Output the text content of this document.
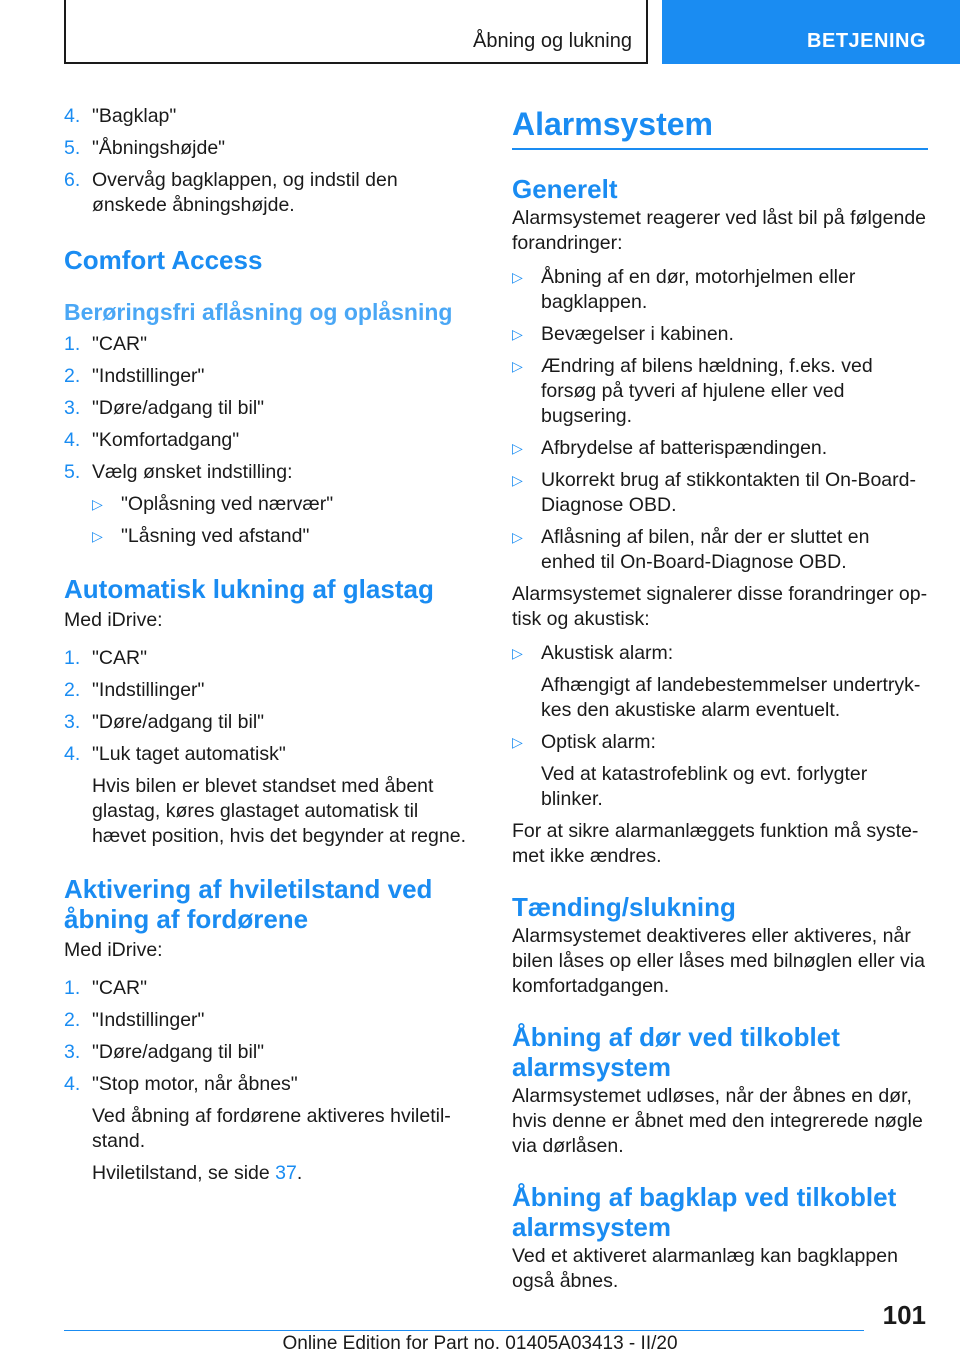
Åbning og lukning	BETJENING
4. "Bagklap"
5. "Åbningshøjde"
6. Overvåg bagklappen, og indstil den ønskede åbningshøjde.
Comfort Access
Berøringsfri aflåsning og oplåsning
1. "CAR"
2. "Indstillinger"
3. "Døre/adgang til bil"
4. "Komfortadgang"
5. Vælg ønsket indstilling:
▷ "Oplåsning ved nærvær"
▷ "Låsning ved afstand"
Automatisk lukning af glastag

Med iDrive:

1. "CAR"
2. "Indstillinger"
3. "Døre/adgang til bil"
4. "Luk taget automatisk"
Hvis bilen er blevet standset med åbent glastag, køres glastaget automatisk til hævet position, hvis det begynder at regne.
Aktivering af hviletilstand ved åbning af fordørene

Med iDrive:

1. "CAR"
2. "Indstillinger"
3. "Døre/adgang til bil"
4. "Stop motor, når åbnes"
Ved åbning af fordørene aktiveres hviletilstand.
Hviletilstand, se side 37.
Alarmsystem
Generelt

Alarmsystemet reagerer ved låst bil på følgende forandringer:

▷ Åbning af en dør, motorhjelmen eller bagklappen.
▷ Bevægelser i kabinen.
▷ Ændring af bilens hældning, f.eks. ved forsøg på tyveri af hjulene eller ved bugsering.
▷ Afbrydelse af batterispændingen.
▷ Ukorrekt brug af stikkontakten til On-Board-Diagnose OBD.
▷ Aflåsning af bilen, når der er sluttet en enhed til On-Board-Diagnose OBD.

Alarmsystemet signalerer disse forandringer optisk og akustisk:

▷ Akustisk alarm:
Afhængigt af landebestemmelser undertrykkes den akustiske alarm eventuelt.
▷ Optisk alarm:
Ved at katastrofeblink og evt. forlygter blinker.

For at sikre alarmanlæggets funktion må systemet ikke ændres.

Tænding/slukning

Alarmsystemet deaktiveres eller aktiveres, når bilen låses op eller låses med bilnøglen eller via komfortadgangen.

Åbning af dør ved tilkoblet alarmsystem

Alarmsystemet udløses, når der åbnes en dør, hvis denne er åbnet med den integrerede nøgle via dørlåsen.

Åbning af bagklap ved tilkoblet alarmsystem

Ved et aktiveret alarmanlæg kan bagklappen også åbnes.

101
Online Edition for Part no. 01405A03413 - II/20
